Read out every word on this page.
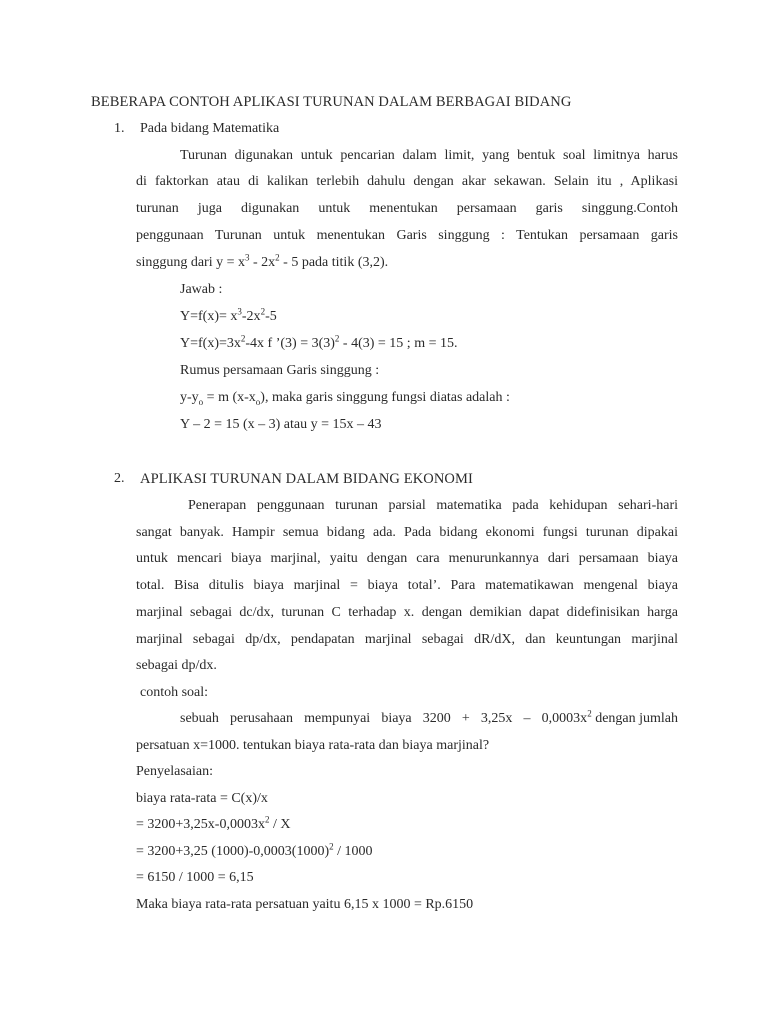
BEBERAPA CONTOH APLIKASI TURUNAN DALAM BERBAGAI BIDANG
1. Pada bidang Matematika
Turunan digunakan untuk pencarian dalam limit, yang bentuk soal limitnya harus
di faktorkan atau di kalikan terlebih dahulu dengan akar sekawan. Selain itu , Aplikasi
turunan juga digunakan untuk menentukan persamaan garis singgung.Contoh
penggunaan Turunan untuk menentukan Garis singgung : Tentukan persamaan garis
singgung dari $y = x^3 - 2x^2 - 5$ pada titik (3,2).
Jawab :
$Y=f(x)= x^3-2x^2-5$
$Y=f(x)=3x^2-4x$ f ’(3) = $3(3)^2 - 4(3) = 15$ ; m = 15.
Rumus persamaan Garis singgung :
$y-y_o = m$ $(x-x_o)$, maka garis singgung fungsi diatas adalah :
Y – 2 = 15 (x – 3) atau y = 15x – 43
2. APLIKASI TURUNAN DALAM BIDANG EKONOMI
Penerapan penggunaan turunan parsial matematika pada kehidupan sehari-hari
sangat banyak. Hampir semua bidang ada. Pada bidang ekonomi fungsi turunan dipakai
untuk mencari biaya marjinal, yaitu dengan cara menurunkannya dari persamaan biaya
total. Bisa ditulis biaya marjinal = biaya total’. Para matematikawan mengenal biaya
marjinal sebagai dc/dx, turunan C terhadap x. dengan demikian dapat didefinisikan harga
marjinal sebagai dp/dx, pendapatan marjinal sebagai dR/dX, dan keuntungan marjinal
sebagai dp/dx.
contoh soal:
sebuah perusahaan mempunyai biaya $3200 + 3,25x - 0,0003x^2$ dengan jumlah
persatuan x=1000. tentukan biaya rata-rata dan biaya marjinal?
Penyelasaian:
biaya rata-rata = C(x)/x
= $3200+3,25x-0,0003x^2 / X$
= 3200+3,25 $(1000)-0,0003(1000)^2 / 1000$
= 6150 / 1000 = 6,15
Maka biaya rata-rata persatuan yaitu 6,15 x 1000 = Rp.6150
